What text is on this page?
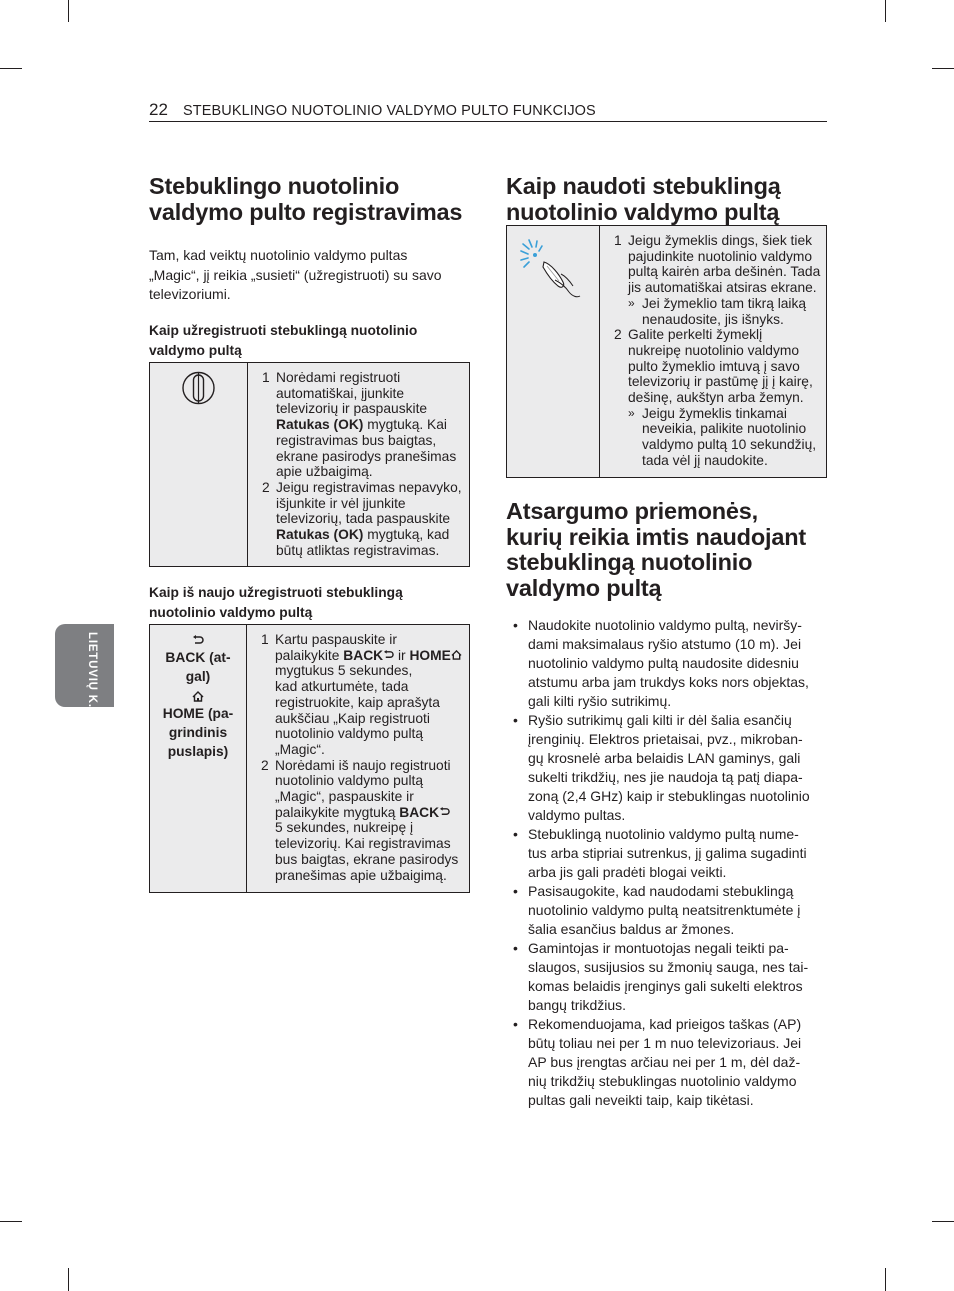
22 STEBUKLINGO NUOTOLINIO VALDYMO PULTO FUNKCIJOS
LIETUVIŲ K.
Stebuklingo nuotolinio
valdymo pulto registravimas
Tam, kad veiktų nuotolinio valdymo pultas
„Magic“, jį reikia „susieti“ (užregistruoti) su savo
televizoriumi.
Kaip užregistruoti stebuklingą nuotolinio
valdymo pultą

1 Norėdami registruoti
automatiškai, įjunkite
televizorių ir paspauskite
Ratukas (OK) mygtuką. Kai
registravimas bus baigtas,
ekrane pasirodys pranešimas
apie užbaigimą.
2 Jeigu registravimas nepavyko,
išjunkite ir vėl įjunkite
televizorių, tada paspauskite
Ratukas (OK) mygtuką, kad
būtų atliktas registravimas.
Kaip iš naujo užregistruoti stebuklingą
nuotolinio valdymo pultą
BACK (at-
gal)
HOME (pa-
grindinis
puslapis)	
1 Kartu paspauskite ir
palaikykite BACK ir HOME
mygtukus 5 sekundes,
kad atkurtumėte, tada
registruokite, kaip aprašyta
aukščiau „Kaip registruoti
nuotolinio valdymo pultą
„Magic“.
2 Norėdami iš naujo registruoti
nuotolinio valdymo pultą
„Magic“, paspauskite ir
palaikykite mygtuką BACK
5 sekundes, nukreipę į
televizorių. Kai registravimas
bus baigtas, ekrane pasirodys
pranešimas apie užbaigimą.
Kaip naudoti stebuklingą
nuotolinio valdymo pultą

1 Jeigu žymeklis dings, šiek tiek
pajudinkite nuotolinio valdymo
pultą kairėn arba dešinėn. Tada
jis automatiškai atsiras ekrane.
» Jei žymeklio tam tikrą laiką
nenaudosite, jis išnyks.
2 Galite perkelti žymeklį
nukreipę nuotolinio valdymo
pulto žymeklio imtuvą į savo
televizorių ir pastūmę jį į kairę,
dešinę, aukštyn arba žemyn.
» Jeigu žymeklis tinkamai
neveikia, palikite nuotolinio
valdymo pultą 10 sekundžių,
tada vėl jį naudokite.
Atsargumo priemonės,
kurių reikia imtis naudojant
stebuklingą nuotolinio
valdymo pultą
• Naudokite nuotolinio valdymo pultą, neviršy-
dami maksimalaus ryšio atstumo (10 m). Jei
nuotolinio valdymo pultą naudosite didesniu
atstumu arba jam trukdys koks nors objektas,
gali kilti ryšio sutrikimų.
• Ryšio sutrikimų gali kilti ir dėl šalia esančių
įrenginių. Elektros prietaisai, pvz., mikroban-
gų krosnelė arba belaidis LAN gaminys, gali
sukelti trikdžių, nes jie naudoja tą patį diapa-
zoną (2,4 GHz) kaip ir stebuklingas nuotolinio
valdymo pultas.
• Stebuklingą nuotolinio valdymo pultą nume-
tus arba stipriai sutrenkus, jį galima sugadinti
arba jis gali pradėti blogai veikti.
• Pasisaugokite, kad naudodami stebuklingą
nuotolinio valdymo pultą neatsitrenktumėte į
šalia esančius baldus ar žmones.
• Gamintojas ir montuotojas negali teikti pa-
slaugos, susijusios su žmonių sauga, nes tai-
komas belaidis įrenginys gali sukelti elektros
bangų trikdžius.
• Rekomenduojama, kad prieigos taškas (AP)
būtų toliau nei per 1 m nuo televizoriaus. Jei
AP bus įrengtas arčiau nei per 1 m, dėl daž-
nių trikdžių stebuklingas nuotolinio valdymo
pultas gali neveikti taip, kaip tikėtasi.
